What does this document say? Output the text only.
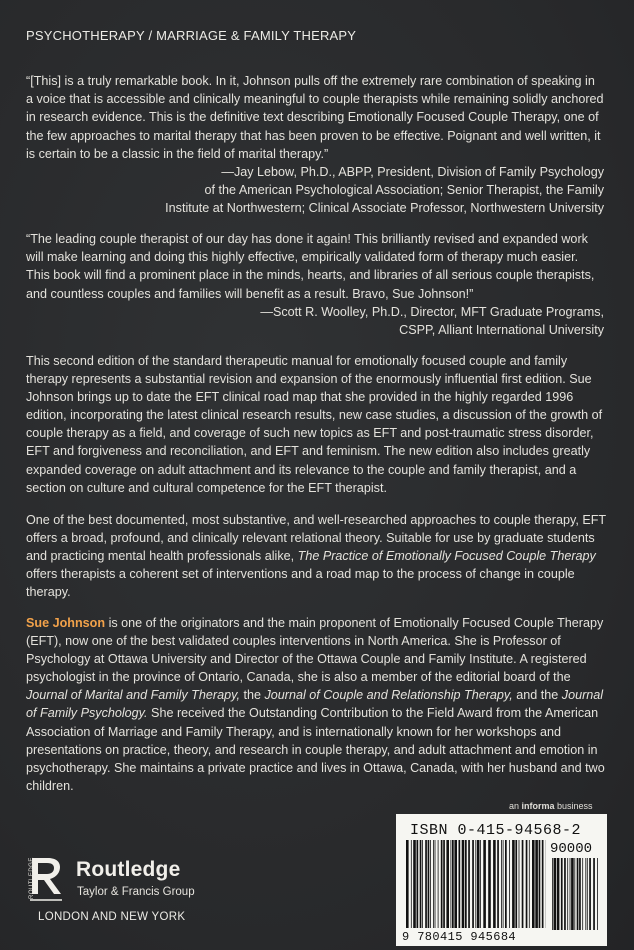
PSYCHOTHERAPY / MARRIAGE & FAMILY THERAPY

“[This] is a truly remarkable book. In it, Johnson pulls off the extremely rare combination of speaking in a voice that is accessible and clinically meaningful to couple therapists while remaining solidly anchored in research evidence. This is the definitive text describing Emotionally Focused Couple Therapy, one of the few approaches to marital therapy that has been proven to be effective. Poignant and well written, it is certain to be a classic in the field of marital therapy.”

—Jay Lebow, Ph.D., ABPP, President, Division of Family Psychology
of the American Psychological Association; Senior Therapist, the Family
Institute at Northwestern; Clinical Associate Professor, Northwestern University

“The leading couple therapist of our day has done it again! This brilliantly revised and expanded work will make learning and doing this highly effective, empirically validated form of therapy much easier. This book will find a prominent place in the minds, hearts, and libraries of all serious couple therapists, and countless couples and families will benefit as a result. Bravo, Sue Johnson!”

—Scott R. Woolley, Ph.D., Director, MFT Graduate Programs,
CSPP, Alliant International University

This second edition of the standard therapeutic manual for emotionally focused couple and family therapy represents a substantial revision and expansion of the enormously influential first edition. Sue Johnson brings up to date the EFT clinical road map that she provided in the highly regarded 1996 edition, incorporating the latest clinical research results, new case studies, a discussion of the growth of couple therapy as a field, and coverage of such new topics as EFT and post-traumatic stress disorder, EFT and forgiveness and reconciliation, and EFT and feminism. The new edition also includes greatly expanded coverage on adult attachment and its relevance to the couple and family therapist, and a section on culture and cultural competence for the EFT therapist.

One of the best documented, most substantive, and well-researched approaches to couple therapy, EFT offers a broad, profound, and clinically relevant relational theory. Suitable for use by graduate students and practicing mental health professionals alike, The Practice of Emotionally Focused Couple Therapy offers therapists a coherent set of interventions and a road map to the process of change in couple therapy.

Sue Johnson is one of the originators and the main proponent of Emotionally Focused Couple Therapy (EFT), now one of the best validated couples interventions in North America. She is Professor of Psychology at Ottawa University and Director of the Ottawa Couple and Family Institute. A registered psychologist in the province of Ontario, Canada, she is also a member of the editorial board of the Journal of Marital and Family Therapy, the Journal of Couple and Relationship Therapy, and the Journal of Family Psychology. She received the Outstanding Contribution to the Field Award from the American Association of Marriage and Family Therapy, and is internationally known for her workshops and presentations on practice, theory, and research in couple therapy, and adult attachment and emotion in psychotherapy. She maintains a private practice and lives in Ottawa, Canada, with her husband and two children.

an informa business
ISBN 0-415-94568-2
90000
9 780415 945684
ROUTLEDGE Routledge
Taylor & Francis Group
LONDON AND NEW YORK
